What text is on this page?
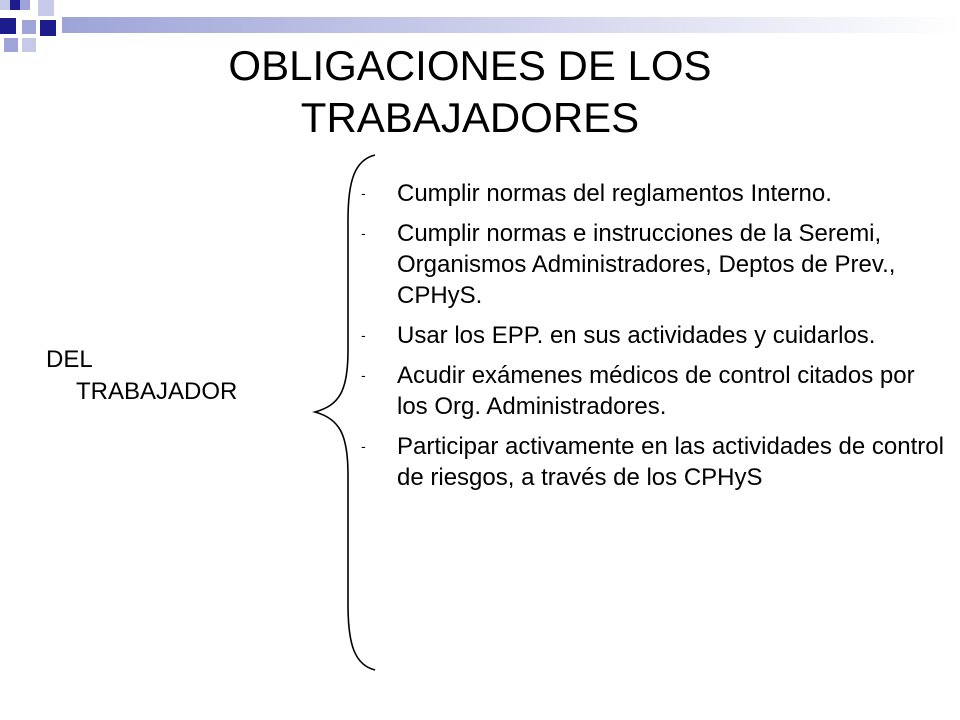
OBLIGACIONES DE LOS TRABAJADORES
DEL
TRABAJADOR
- Cumplir normas del reglamentos Interno.
- Cumplir normas e instrucciones de la Seremi, Organismos Administradores, Deptos de Prev., CPHyS.
- Usar los EPP. en sus actividades y cuidarlos.
- Acudir exámenes médicos de control citados por los Org. Administradores.
- Participar activamente en las actividades de control de riesgos, a través de los CPHyS
